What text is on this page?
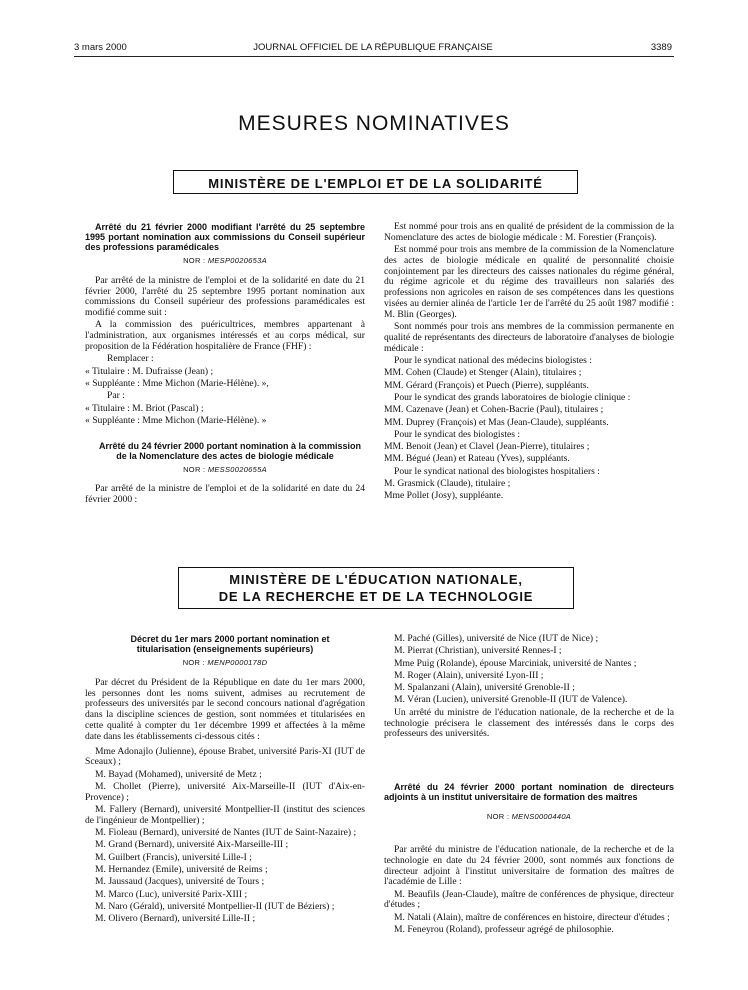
3 mars 2000	JOURNAL OFFICIEL DE LA RÉPUBLIQUE FRANÇAISE	3389
MESURES NOMINATIVES
MINISTÈRE DE L'EMPLOI ET DE LA SOLIDARITÉ

Arrêté du 21 février 2000 modifiant l'arrêté du 25 septembre 1995 portant nomination aux commissions du Conseil supérieur des professions paramédicales

NOR : MESP0020653A

Par arrêté de la ministre de l'emploi et de la solidarité en date du 21 février 2000, l'arrêté du 25 septembre 1995 portant nomination aux commissions du Conseil supérieur des professions paramédicales est modifié comme suit :

A la commission des puéricultrices, membres appartenant à l'administration, aux organismes intéressés et au corps médical, sur proposition de la Fédération hospitalière de France (FHF) :

Remplacer :

« Titulaire : M. Dufraisse (Jean) ;

« Suppléante : Mme Michon (Marie-Hélène). »,

Par :

« Titulaire : M. Briot (Pascal) ;

« Suppléante : Mme Michon (Marie-Hélène). »

Arrêté du 24 février 2000 portant nomination à la commission de la Nomenclature des actes de biologie médicale

NOR : MESS0020655A

Par arrêté de la ministre de l'emploi et de la solidarité en date du 24 février 2000 :

Est nommé pour trois ans en qualité de président de la commission de la Nomenclature des actes de biologie médicale : M. Forestier (François).

Est nommé pour trois ans membre de la commission de la Nomenclature des actes de biologie médicale en qualité de personnalité choisie conjointement par les directeurs des caisses nationales du régime général, du régime agricole et du régime des travailleurs non salariés des professions non agricoles en raison de ses compétences dans les questions visées au dernier alinéa de l'article 1er de l'arrêté du 25 août 1987 modifié : M. Blin (Georges).

Sont nommés pour trois ans membres de la commission permanente en qualité de représentants des directeurs de laboratoire d'analyses de biologie médicale :

Pour le syndicat national des médecins biologistes :

MM. Cohen (Claude) et Stenger (Alain), titulaires ;

MM. Gérard (François) et Puech (Pierre), suppléants.

Pour le syndicat des grands laboratoires de biologie clinique :

MM. Cazenave (Jean) et Cohen-Bacrie (Paul), titulaires ;

MM. Duprey (François) et Mas (Jean-Claude), suppléants.

Pour le syndicat des biologistes :

MM. Benoit (Jean) et Clavel (Jean-Pierre), titulaires ;

MM. Bégué (Jean) et Rateau (Yves), suppléants.

Pour le syndicat national des biologistes hospitaliers :

M. Grasmick (Claude), titulaire ;

Mme Pollet (Josy), suppléante.

MINISTÈRE DE L'ÉDUCATION NATIONALE,
DE LA RECHERCHE ET DE LA TECHNOLOGIE

Décret du 1er mars 2000 portant nomination et titularisation (enseignements supérieurs)

NOR : MENP0000178D

Par décret du Président de la République en date du 1er mars 2000, les personnes dont les noms suivent, admises au recrutement de professeurs des universités par le second concours national d'agrégation dans la discipline sciences de gestion, sont nommées et titularisées en cette qualité à compter du 1er décembre 1999 et affectées à la même date dans les établissements ci-dessous cités :

Mme Adonajlo (Julienne), épouse Brabet, université Paris-XI (IUT de Sceaux) ;

M. Bayad (Mohamed), université de Metz ;

M. Chollet (Pierre), université Aix-Marseille-II (IUT d'Aix-en-Provence) ;

M. Fallery (Bernard), université Montpellier-II (institut des sciences de l'ingénieur de Montpellier) ;

M. Fioleau (Bernard), université de Nantes (IUT de Saint-Nazaire) ;

M. Grand (Bernard), université Aix-Marseille-III ;

M. Guilbert (Francis), université Lille-I ;

M. Hernandez (Emile), université de Reims ;

M. Jaussaud (Jacques), université de Tours ;

M. Marco (Luc), université Parix-XIII ;

M. Naro (Gérald), université Montpellier-II (IUT de Béziers) ;

M. Olivero (Bernard), université Lille-II ;

M. Paché (Gilles), université de Nice (IUT de Nice) ;

M. Pierrat (Christian), université Rennes-I ;

Mme Puig (Rolande), épouse Marciniak, université de Nantes ;

M. Roger (Alain), université Lyon-III ;

M. Spalanzani (Alain), université Grenoble-II ;

M. Véran (Lucien), université Grenoble-II (IUT de Valence).

Un arrêté du ministre de l'éducation nationale, de la recherche et de la technologie précisera le classement des intéressés dans le corps des professeurs des universités.

Arrêté du 24 février 2000 portant nomination de directeurs adjoints à un institut universitaire de formation des maîtres

NOR : MENS0000440A

Par arrêté du ministre de l'éducation nationale, de la recherche et de la technologie en date du 24 février 2000, sont nommés aux fonctions de directeur adjoint à l'institut universitaire de formation des maîtres de l'académie de Lille :

M. Beaufils (Jean-Claude), maître de conférences de physique, directeur d'études ;

M. Natali (Alain), maître de conférences en histoire, directeur d'études ;

M. Feneyrou (Roland), professeur agrégé de philosophie.
